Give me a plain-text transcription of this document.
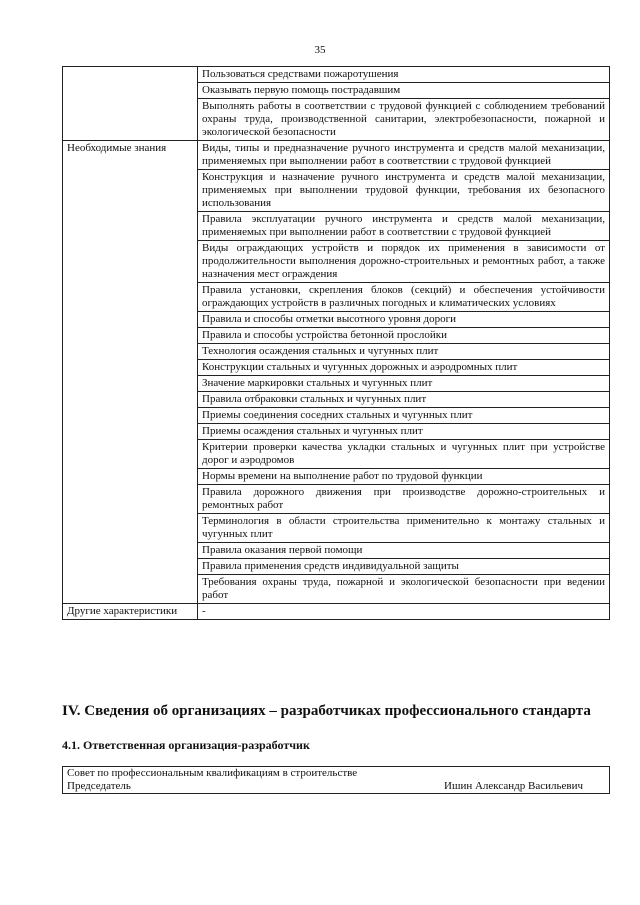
35
	Пользоваться средствами пожаротушения
	Оказывать первую помощь пострадавшим
	Выполнять работы в соответствии с трудовой функцией с соблюдением требований охраны труда, производственной санитарии, электробезопасности, пожарной и экологической безопасности
Необходимые знания	Виды, типы и предназначение ручного инструмента и средств малой механизации, применяемых при выполнении работ в соответствии с трудовой функцией
	Конструкция и назначение ручного инструмента и средств малой механизации, применяемых при выполнении трудовой функции, требования их безопасного использования
	Правила эксплуатации ручного инструмента и средств малой механизации, применяемых при выполнении работ в соответствии с трудовой функцией
	Виды ограждающих устройств и порядок их применения в зависимости от продолжительности выполнения дорожно-строительных и ремонтных работ, а также назначения мест ограждения
	Правила установки, скрепления блоков (секций) и обеспечения устойчивости ограждающих устройств в различных погодных и климатических условиях
	Правила и способы отметки высотного уровня дороги
	Правила и способы устройства бетонной прослойки
	Технология осаждения стальных и чугунных плит
	Конструкции стальных и чугунных дорожных и аэродромных плит
	Значение маркировки стальных и чугунных плит
	Правила отбраковки стальных и чугунных плит
	Приемы соединения соседних стальных и чугунных плит
	Приемы осаждения стальных и чугунных плит
	Критерии проверки качества укладки стальных и чугунных плит при устройстве дорог и аэродромов
	Нормы времени на выполнение работ по трудовой функции
	Правила дорожного движения при производстве дорожно-строительных и ремонтных работ
	Терминология в области строительства применительно к монтажу стальных и чугунных плит
	Правила оказания первой помощи
	Правила применения средств индивидуальной защиты
	Требования охраны труда, пожарной и экологической безопасности при ведении работ
Другие характеристики	-
IV. Сведения об организациях – разработчиках профессионального стандарта
4.1. Ответственная организация-разработчик
Совет по профессиональным квалификациям в строительстве
Председатель	Ишин Александр Васильевич
